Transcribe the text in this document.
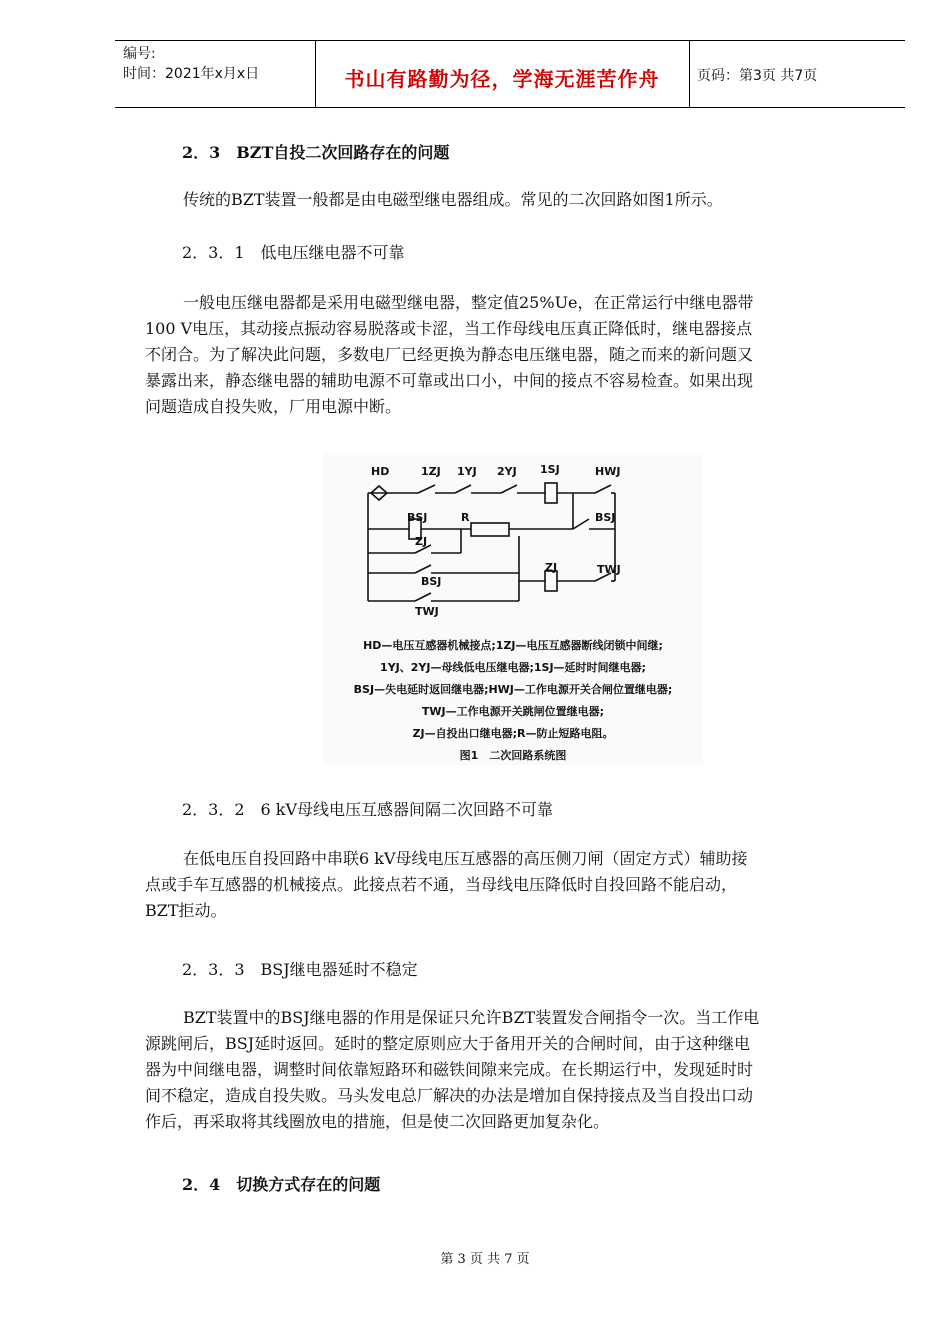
编号:
时间：2021年x月x日	书山有路勤为径，学海无涯苦作舟	页码：第3页 共7页
2．3　BZT自投二次回路存在的问题
传统的BZT装置一般都是由电磁型继电器组成。常见的二次回路如图1所示。
2．3．1　低电压继电器不可靠
一般电压继电器都是采用电磁型继电器，整定值25%Ue，在正常运行中继电器带
100 V电压，其动接点振动容易脱落或卡涩，当工作母线电压真正降低时，继电器接点
不闭合。为了解决此问题，多数电厂已经更换为静态电压继电器，随之而来的新问题又
暴露出来，静态继电器的辅助电源不可靠或出口小，中间的接点不容易检查。如果出现
问题造成自投失败，厂用电源中断。
HD	1ZJ 1YJ 2YJ 1SJ	HWJ
BSJ	R	BSJ
ZJ
BSJ
ZJ	TWJ
TWJ
HD—电压互感器机械接点;1ZJ—电压互感器断线闭锁中间继;
1YJ、2YJ—母线低电压继电器;1SJ—延时时间继电器;
BSJ—失电延时返回继电器;HWJ—工作电源开关合闸位置继电器;
TWJ—工作电源开关跳闸位置继电器;
ZJ—自投出口继电器;R—防止短路电阻。
图1　二次回路系统图
2．3．2　6 kV母线电压互感器间隔二次回路不可靠
在低电压自投回路中串联6 kV母线电压互感器的高压侧刀闸（固定方式）辅助接
点或手车互感器的机械接点。此接点若不通，当母线电压降低时自投回路不能启动，
BZT拒动。
2．3．3　BSJ继电器延时不稳定
BZT装置中的BSJ继电器的作用是保证只允许BZT装置发合闸指令一次。当工作电
源跳闸后，BSJ延时返回。延时的整定原则应大于备用开关的合闸时间，由于这种继电
器为中间继电器，调整时间依靠短路环和磁铁间隙来完成。在长期运行中，发现延时时
间不稳定，造成自投失败。马头发电总厂解决的办法是增加自保持接点及当自投出口动
作后，再采取将其线圈放电的措施，但是使二次回路更加复杂化。
2．4　切换方式存在的问题
第 3 页 共 7 页
